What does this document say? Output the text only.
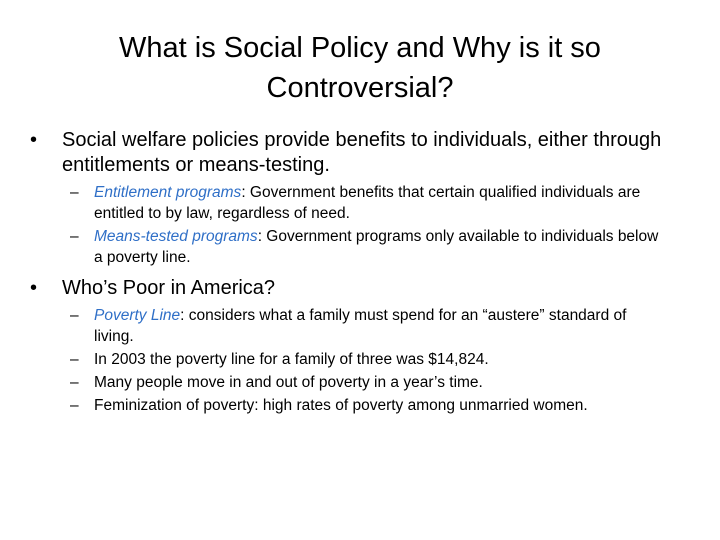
What is Social Policy and Why is it so Controversial?
• Social welfare policies provide benefits to individuals, either through entitlements or means-testing.
– Entitlement programs: Government benefits that certain qualified individuals are entitled to by law, regardless of need.
– Means-tested programs: Government programs only available to individuals below a poverty line.
• Who’s Poor in America?
– Poverty Line: considers what a family must spend for an “austere” standard of living.
– In 2003 the poverty line for a family of three was $14,824.
– Many people move in and out of poverty in a year’s time.
– Feminization of poverty: high rates of poverty among unmarried women.
